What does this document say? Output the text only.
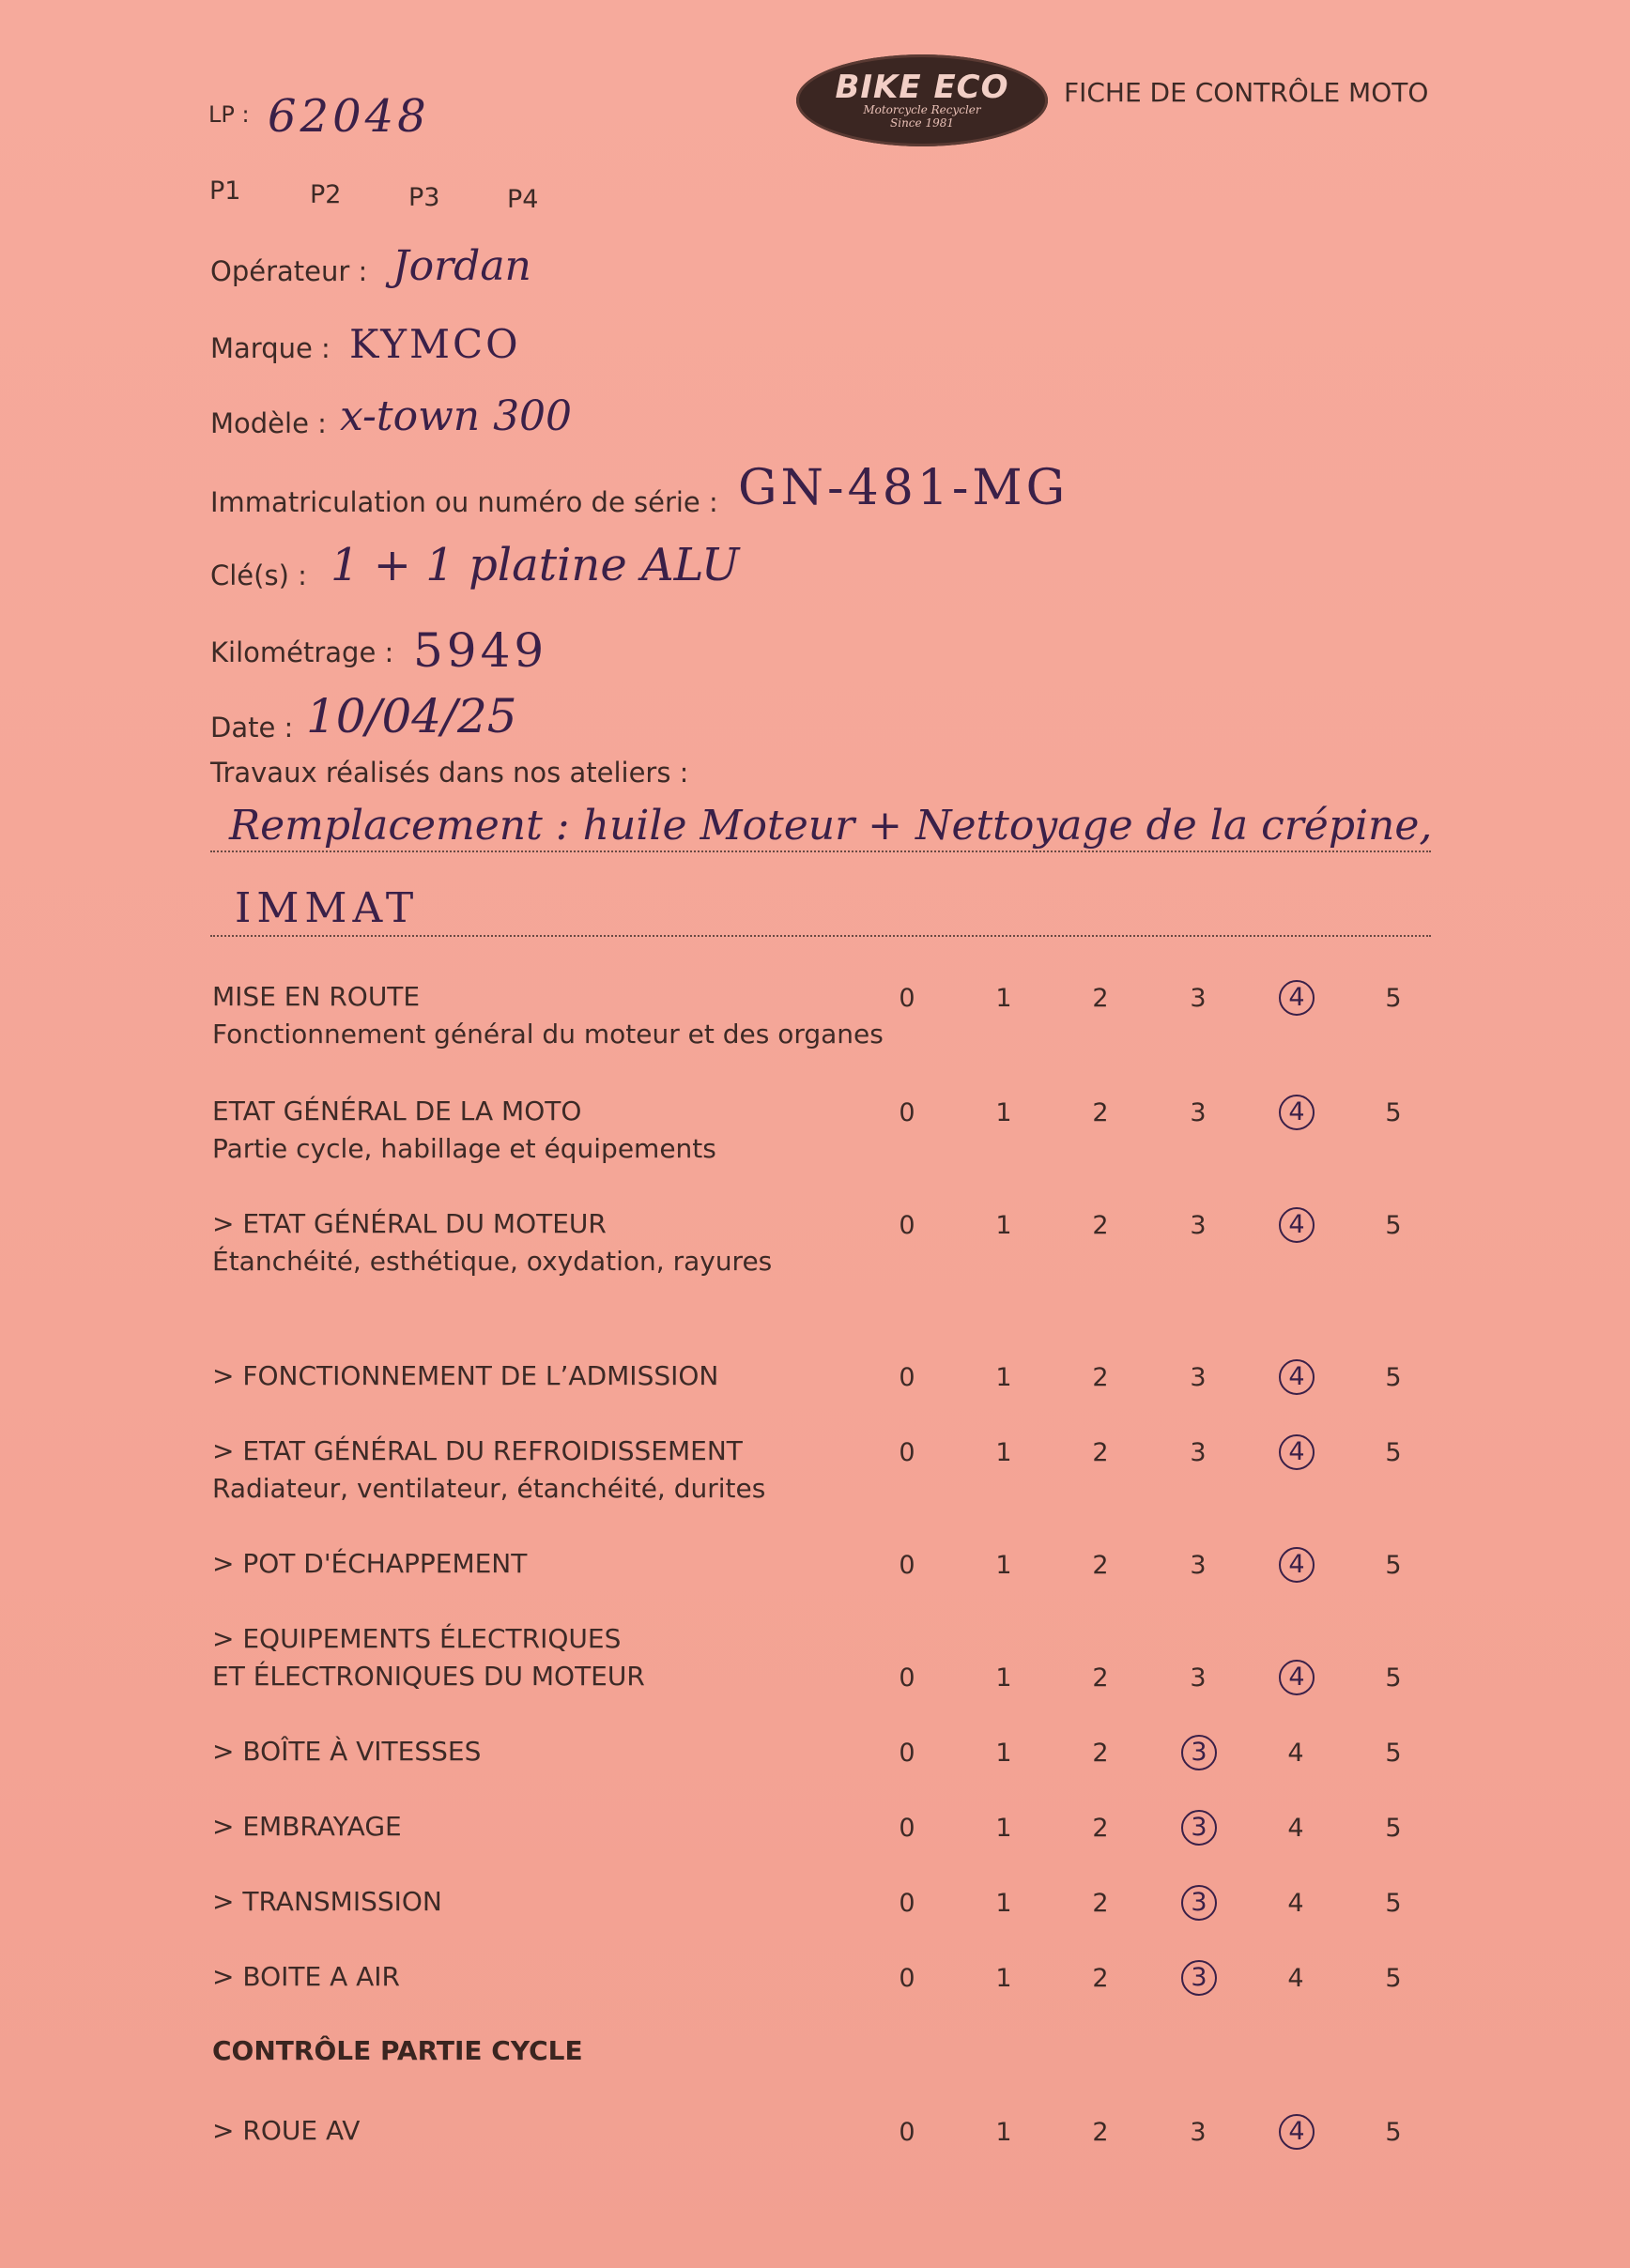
LP : 62048
P1	P2	P3	P4
BIKE ECO
Motorcycle Recycler
Since 1981
FICHE DE CONTRÔLE MOTO
Opérateur : Jordan
Marque : KYMCO
Modèle : x-town 300
Immatriculation ou numéro de série : GN-481-MG
Clé(s) : 1 + 1 platine ALU
Kilométrage : 5949
Date : 10/04/25
Travaux réalisés dans nos ateliers :
Remplacement : huile Moteur + Nettoyage de la crépine,
IMMAT
MISE EN ROUTE
Fonctionnement général du moteur et des organes
0	1	2	3	4	5
ETAT GÉNÉRAL DE LA MOTO
Partie cycle, habillage et équipements
0	1	2	3	4	5
> ETAT GÉNÉRAL DU MOTEUR
Étanchéité, esthétique, oxydation, rayures
0	1	2	3	4	5
> FONCTIONNEMENT DE L’ADMISSION	0	1	2	3	4	5
> ETAT GÉNÉRAL DU REFROIDISSEMENT
Radiateur, ventilateur, étanchéité, durites
0	1	2	3	4	5
> POT D'ÉCHAPPEMENT	0	1	2	3	4	5
> EQUIPEMENTS ÉLECTRIQUES
ET ÉLECTRONIQUES DU MOTEUR	0	1	2	3	4	5
> BOÎTE À VITESSES	0	1	2	3	4	5
> EMBRAYAGE	0	1	2	3	4	5
> TRANSMISSION	0	1	2	3	4	5
> BOITE A AIR	0	1	2	3	4	5
CONTRÔLE PARTIE CYCLE
> ROUE AV	0	1	2	3	4	5
